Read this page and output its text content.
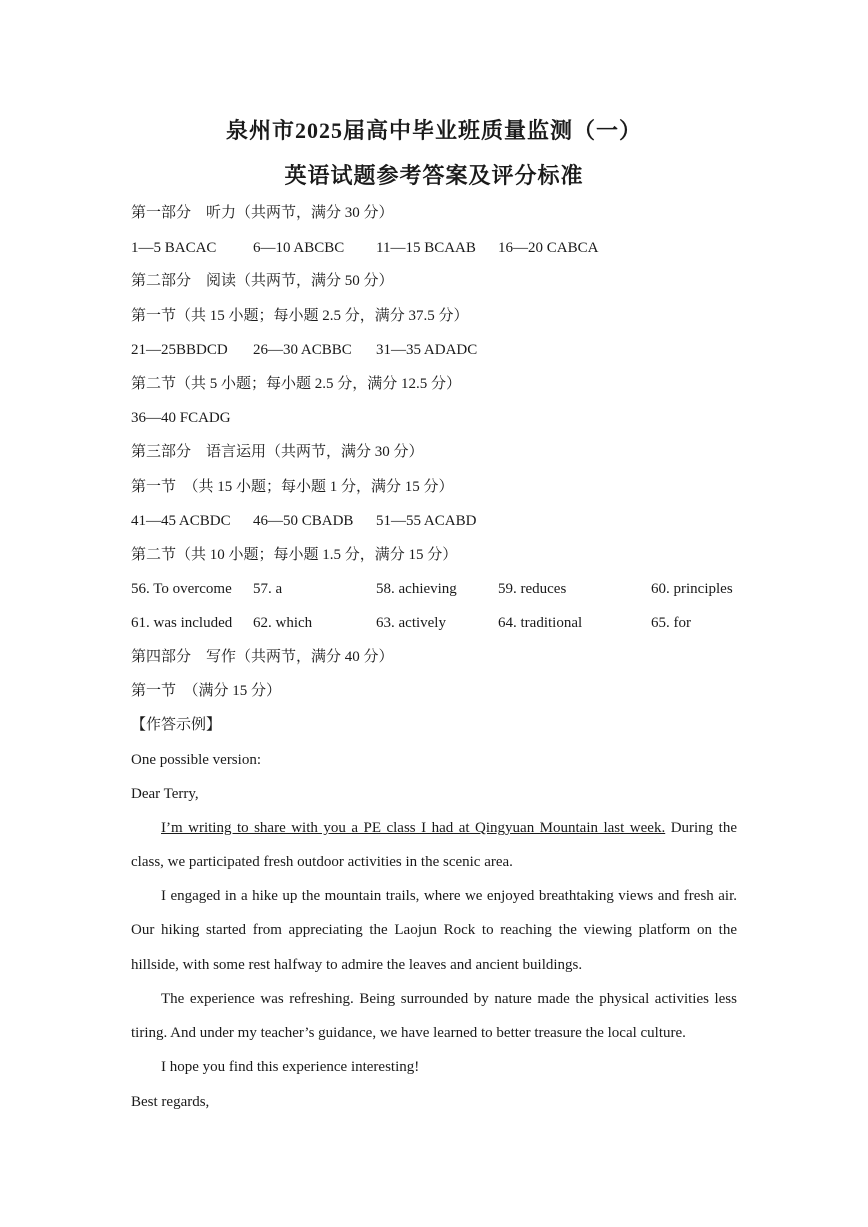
泉州市2025届高中毕业班质量监测（一）
英语试题参考答案及评分标准
第一部分　听力（共两节，满分 30 分）
1—5 BACAC 6—10 ABCBC 11—15 BCAAB 16—20 CABCA
第二部分　阅读（共两节，满分 50 分）
第一节（共 15 小题；每小题 2.5 分，满分 37.5 分）
21—25BBDCD 26—30 ACBBC 31—35 ADADC
第二节（共 5 小题；每小题 2.5 分，满分 12.5 分）
36—40 FCADG
第三部分　语言运用（共两节，满分 30 分）
第一节　（共 15 小题；每小题 1 分，满分 15 分）
41—45 ACBDC 46—50 CBADB 51—55 ACABD
第二节（共 10 小题；每小题 1.5 分，满分 15 分）
56. To overcome 57. a	58. achieving	59. reduces	60. principles
61. was included 62. which	63. actively	64. traditional	65. for
第四部分　写作（共两节，满分 40 分）
第一节　（满分 15 分）
【作答示例】
One possible version:
Dear Terry,
I’m writing to share with you a PE class I had at Qingyuan Mountain last week. During the class, we participated fresh outdoor activities in the scenic area.
I engaged in a hike up the mountain trails, where we enjoyed breathtaking views and fresh air. Our hiking started from appreciating the Laojun Rock to reaching the viewing platform on the hillside, with some rest halfway to admire the leaves and ancient buildings.
The experience was refreshing. Being surrounded by nature made the physical activities less tiring. And under my teacher’s guidance, we have learned to better treasure the local culture.
I hope you find this experience interesting!
Best regards,
